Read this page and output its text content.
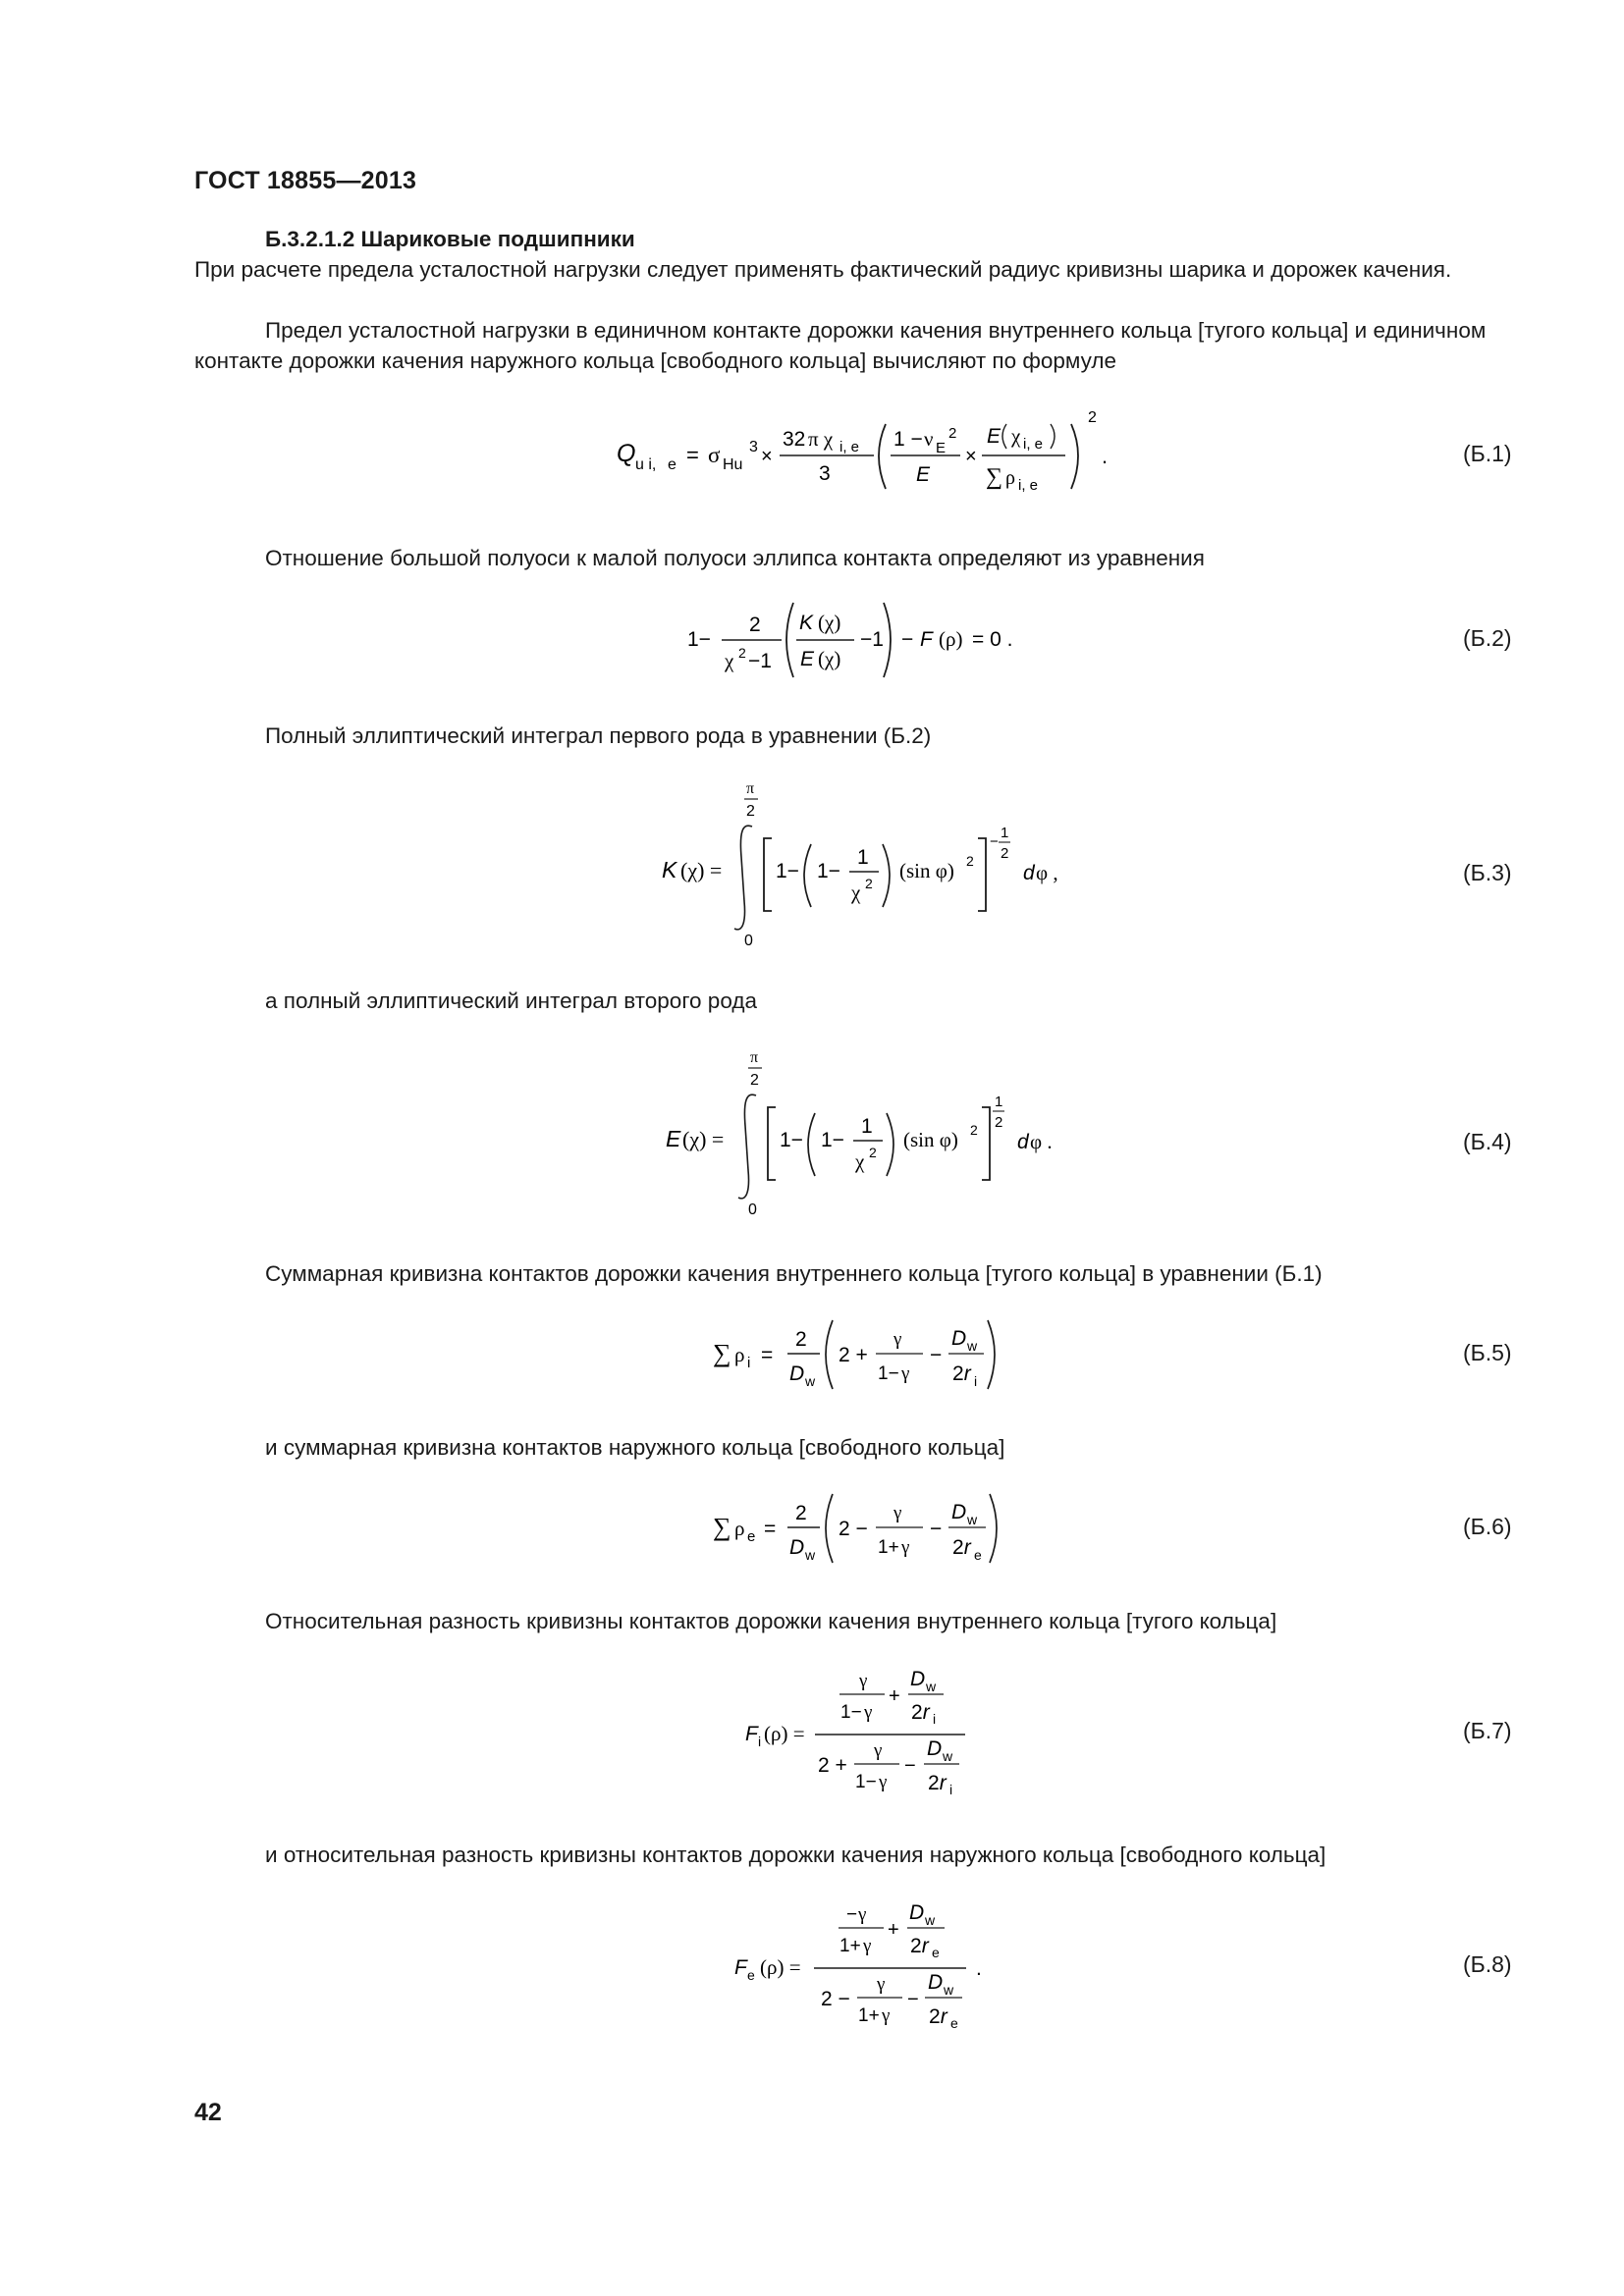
ГОСТ 18855—2013
Б.3.2.1.2 Шариковые подшипники
При расчете предела усталостной нагрузки следует применять фактический радиус кривизны шарика и дорожек качения.
Предел усталостной нагрузки в единичном контакте дорожки качения внутреннего кольца [тугого кольца] и единичном контакте дорожки качения наружного кольца [свободного кольца] вычисляют по формуле
Q u i, e = σ Hu
3 ×
32 π χ i, e
3
1 − ν E
2
E
×
E χ i, e
∑ ρ i, e
2
.	(Б.1)
Отношение большой полуоси к малой полуоси эллипса контакта определяют из уравнения
1−
2
χ 2 −1
K (χ)
E (χ)
−1 − F (ρ) = 0 .	(Б.2)
Полный эллиптический интеграл первого рода в уравнении (Б.2)
π
2
K (χ) =
0
1− 1−
1
χ 2
(sin φ) 2
−
1
2
d φ ,	(Б.3)
а полный эллиптический интеграл второго рода
π
2
E (χ) =
0
1− 1−
1
χ 2
(sin φ) 2
1
2
d φ .	(Б.4)
Суммарная кривизна контактов дорожки качения внутреннего кольца [тугого кольца] в уравнении (Б.1)
∑ ρ i =
2
D w
2 +
γ
1− γ
−
D w
2r i
(Б.5)
и суммарная кривизна контактов наружного кольца [свободного кольца]
∑ ρ e =
2
D w
2 −
γ
1+ γ
−
D w
2r e
(Б.6)
Относительная разность кривизны контактов дорожки качения внутреннего кольца [тугого кольца]
F i (ρ) =
γ
1− γ
+
D w
2r i
2 +
γ
1− γ
−
D w
2r i
(Б.7)
и относительная разность кривизны контактов дорожки качения наружного кольца [свободного кольца]
F e (ρ) =
− γ
1+ γ
+
D w
2r e
2 −
γ
1+ γ
−
D w
2r e
.	(Б.8)
42
